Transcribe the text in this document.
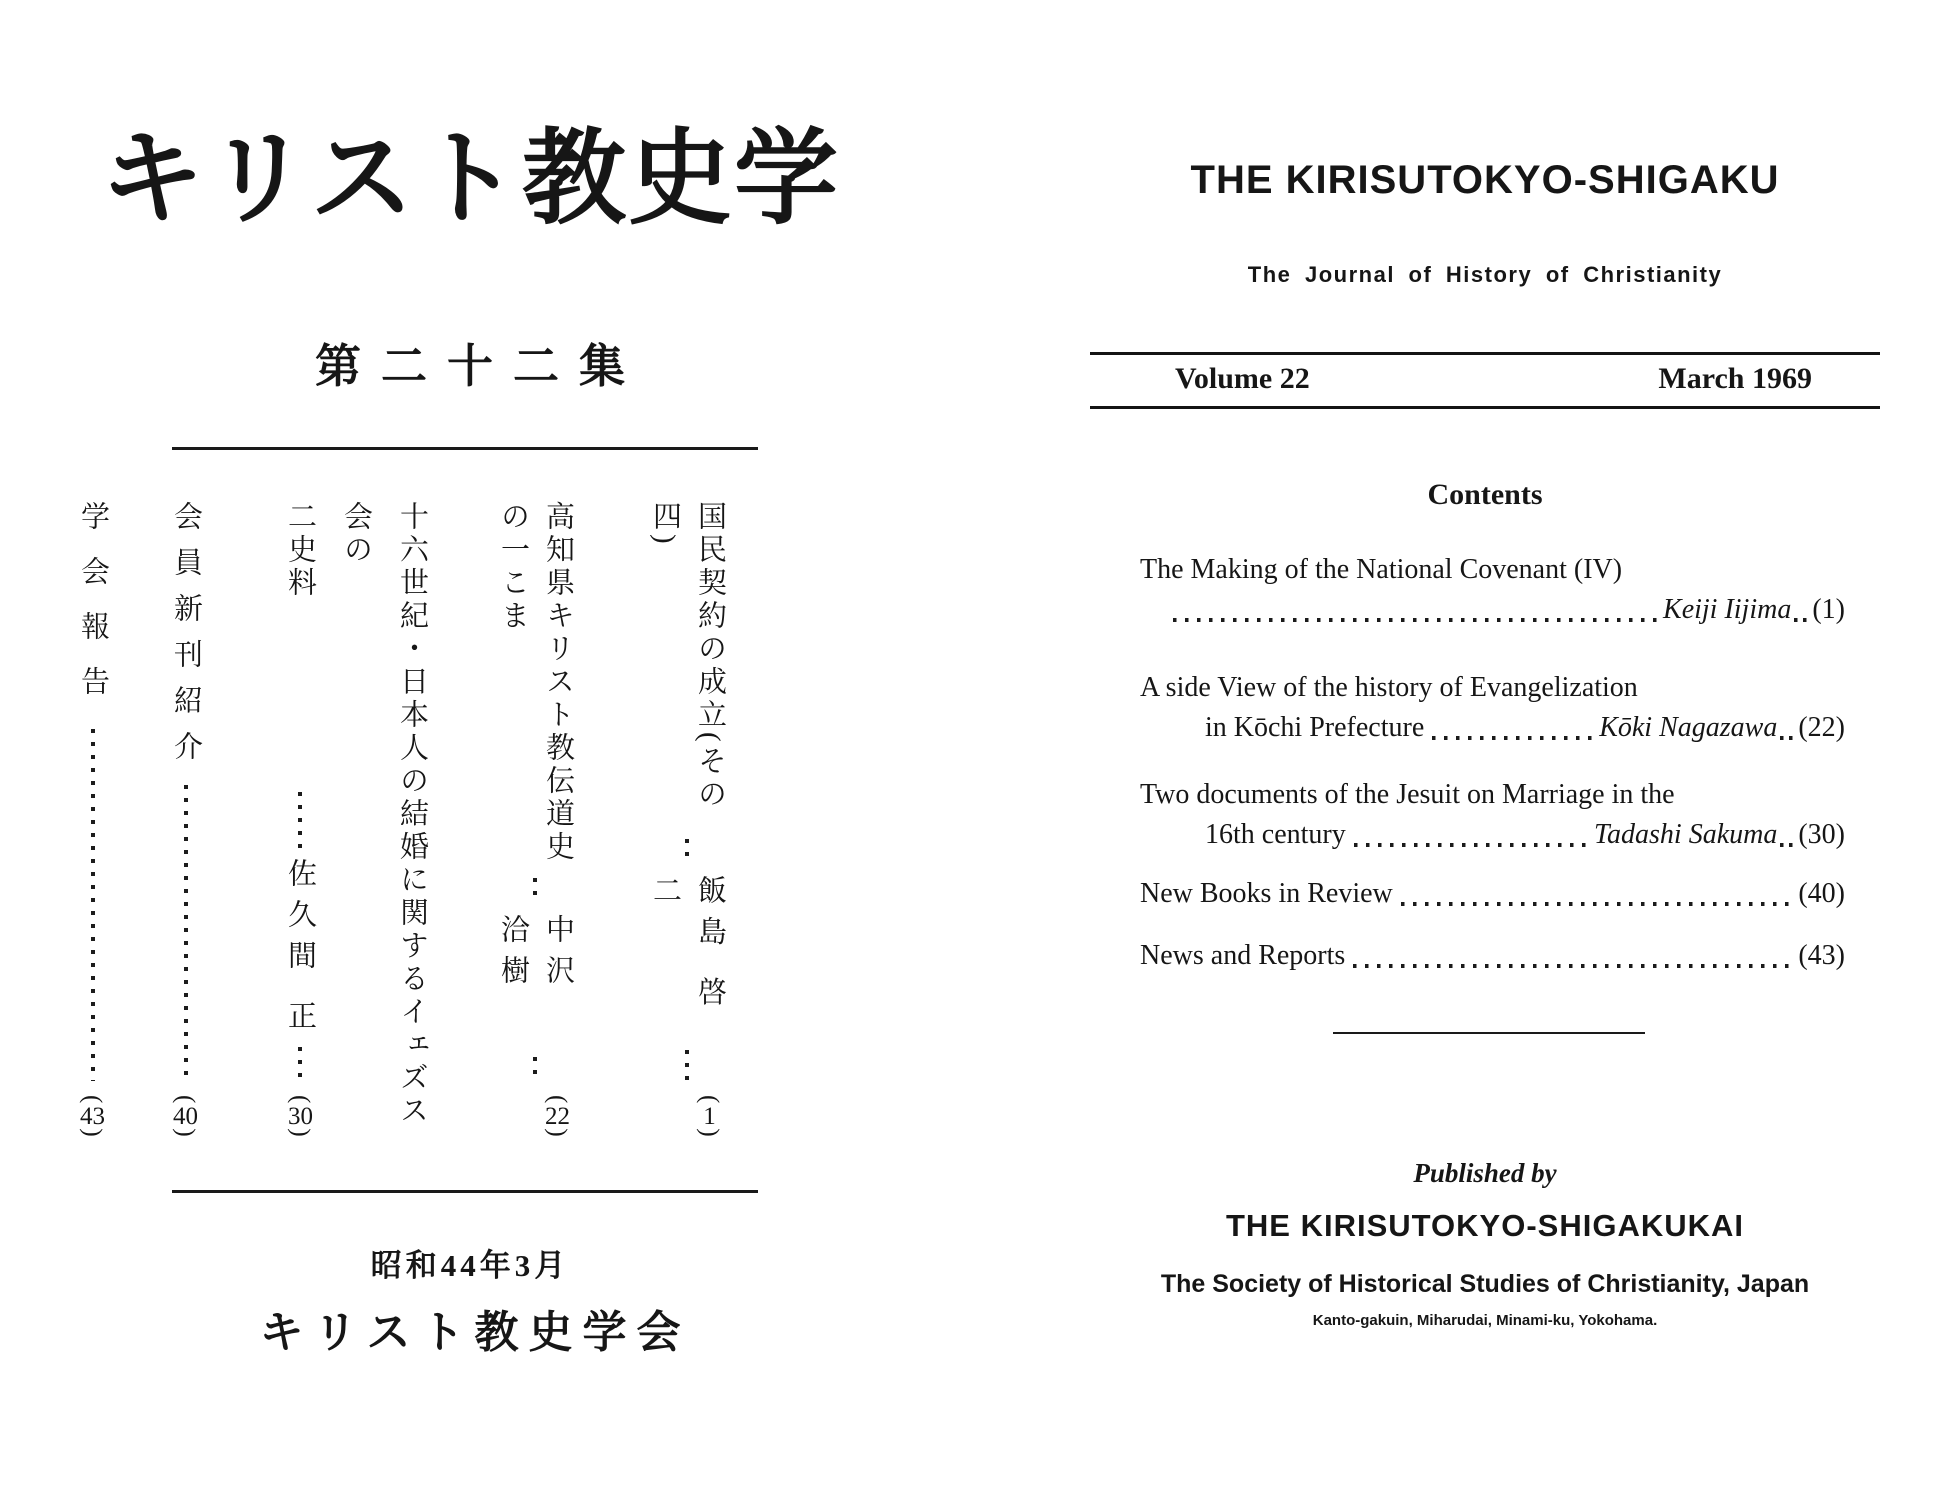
キリスト教史学
第二十二集
国民契約の成立(その四)
飯島 啓二
(1)
高知県キリスト教伝道史の一こま
中沢 洽樹
(22)
十六世紀・日本人の結婚に関するイェズス会の
二史料
佐久間 正
(30)
会員新刊紹介
(40)
学会報告
(43)
昭和44年3月
キリスト教史学会
THE KIRISUTOKYO-SHIGAKU
The Journal of History of Christianity
Volume 22	March 1969
Contents
The Making of the National Covenant (IV)
Keiji Iijima (1)
A side View of the history of Evangelization
in Kōchi Prefecture	Kōki Nagazawa (22)
Two documents of the Jesuit on Marriage in the
16th century	Tadashi Sakuma (30)
New Books in Review	(40)
News and Reports	(43)
Published by
THE KIRISUTOKYO-SHIGAKUKAI
The Society of Historical Studies of Christianity, Japan
Kanto-gakuin, Miharudai, Minami-ku, Yokohama.
